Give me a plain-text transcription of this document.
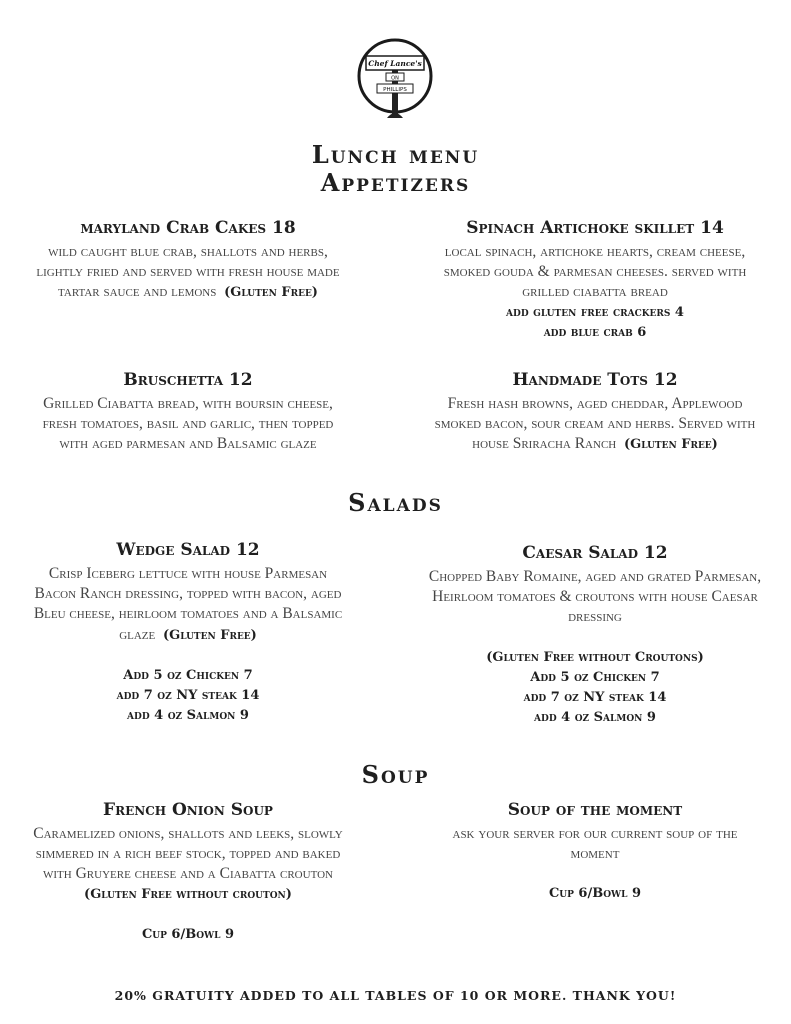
Chef Lance's
ON
PHILLIPS
Lunch menu
Appetizers
maryland Crab Cakes 18

wild caught blue crab, shallots and herbs, lightly fried and served with fresh house made tartar sauce and lemons (Gluten Free)

Spinach Artichoke skillet 14

local spinach, artichoke hearts, cream cheese, smoked gouda & parmesan cheeses. served with grilled ciabatta bread

add gluten free crackers 4

add blue crab 6

Bruschetta 12

Grilled Ciabatta bread, with boursin cheese, fresh tomatoes, basil and garlic, then topped with aged parmesan and Balsamic glaze

Handmade Tots 12

Fresh hash browns, aged cheddar, Applewood smoked bacon, sour cream and herbs. Served with house Sriracha Ranch (Gluten Free)

Salads
Wedge Salad 12

Crisp Iceberg lettuce with house Parmesan Bacon Ranch dressing, topped with bacon, aged Bleu cheese, heirloom tomatoes and a Balsamic glaze (Gluten Free)

Add 5 oz Chicken 7

add 7 oz NY steak 14

add 4 oz Salmon 9

Caesar Salad 12

Chopped Baby Romaine, aged and grated Parmesan, Heirloom tomatoes & croutons with house Caesar dressing

(Gluten Free without Croutons)

Add 5 oz Chicken 7

add 7 oz NY steak 14

add 4 oz Salmon 9

Soup
French Onion Soup

Caramelized onions, shallots and leeks, slowly simmered in a rich beef stock, topped and baked with Gruyere cheese and a Ciabatta crouton

(Gluten Free without crouton)

Cup 6/Bowl 9

Soup of the moment

ask your server for our current soup of the moment

Cup 6/Bowl 9

20% GRATUITY ADDED TO ALL TABLES OF 10 OR MORE. THANK YOU!
